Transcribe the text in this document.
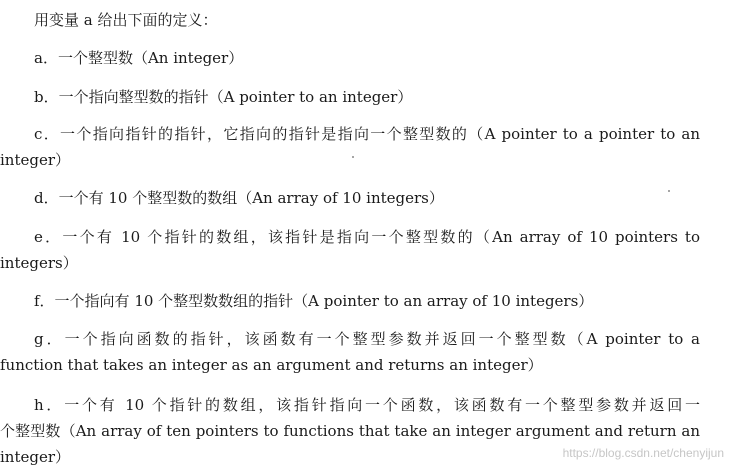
用变量 a 给出下面的定义：
a．一个整型数（An integer）
b．一个指向整型数的指针（A pointer to an integer）
c．一个指向指针的指针，它指向的指针是指向一个整型数的（A pointer to a pointer to an
integer）
d．一个有 10 个整型数的数组（An array of 10 integers）
e．一个有 10 个指针的数组，该指针是指向一个整型数的（An array of 10 pointers to
integers）
f．一个指向有 10 个整型数数组的指针（A pointer to an array of 10 integers）
g．一个指向函数的指针，该函数有一个整型参数并返回一个整型数（A pointer to a
function that takes an integer as an argument and returns an integer）
h．一个有 10 个指针的数组，该指针指向一个函数，该函数有一个整型参数并返回一
个整型数（An array of ten pointers to functions that take an integer argument and return an
integer）	https://blog.csdn.net/chenyijun
